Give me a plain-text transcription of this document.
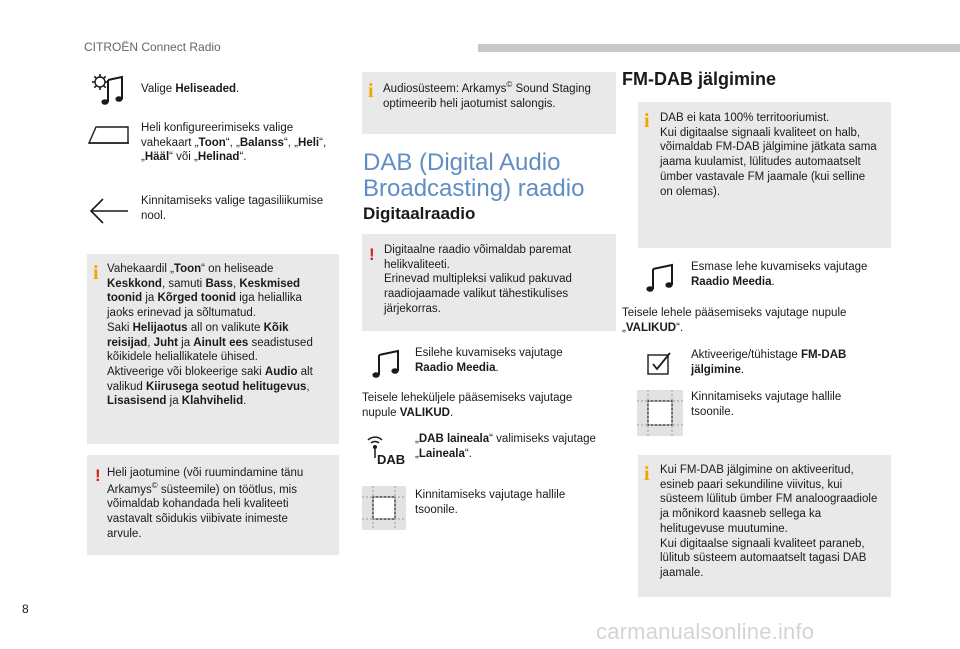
CITROËN Connect Radio
Valige Heliseaded.
Heli konfigureerimiseks valige
vahekaart „Toon“, „Balanss“, „Heli“,
„Hääl“ või „Helinad“.
Kinnitamiseks valige tagasiliikumise nool.
i Vahekaardil „Toon“ on heliseade
Keskkond, samuti Bass, Keskmised
toonid ja Kõrged toonid iga heliallika
jaoks erinevad ja sõltumatud.
Saki Helijaotus all on valikute Kõik
reisijad, Juht ja Ainult ees seadistused
kõikidele heliallikatele ühised.
Aktiveerige või blokeerige saki Audio alt
valikud Kiirusega seotud helitugevus,
Lisasisend ja Klahvihelid.
! Heli jaotumine (või ruumindamine tänu
Arkamys© süsteemile) on töötlus, mis
võimaldab kohandada heli kvaliteeti
vastavalt sõidukis viibivate inimeste
arvule.
i Audiosüsteem: Arkamys© Sound Staging
optimeerib heli jaotumist salongis.
DAB (Digital Audio
Broadcasting) raadio
Digitaalraadio
! Digitaalne raadio võimaldab paremat
helikvaliteeti.
Erinevad multipleksi valikud pakuvad
raadiojaamade valikut tähestikulises
järjekorras.
Esilehe kuvamiseks vajutage
Raadio Meedia.
Teisele leheküljele pääsemiseks vajutage
nupule VALIKUD.
DAB
„DAB laineala“ valimiseks vajutage
„Laineala“.
Kinnitamiseks vajutage hallile tsoonile.
FM-DAB jälgimine
i DAB ei kata 100% territooriumist.
Kui digitaalse signaali kvaliteet on halb,
võimaldab FM-DAB jälgimine jätkata sama
jaama kuulamist, lülitudes automaatselt
ümber vastavale FM jaamale (kui selline
on olemas).
Esmase lehe kuvamiseks vajutage
Raadio Meedia.
Teisele lehele pääsemiseks vajutage nupule
„VALIKUD“.
Aktiveerige/tühistage FM-DAB
jälgimine.
Kinnitamiseks vajutage hallile tsoonile.
i Kui FM-DAB jälgimine on aktiveeritud,
esineb paari sekundiline viivitus, kui
süsteem lülitub ümber FM analoograadiole
ja mõnikord kaasneb sellega ka
helitugevuse muutumine.
Kui digitaalse signaali kvaliteet paraneb,
lülitub süsteem automaatselt tagasi DAB
jaamale.
8
carmanualsonline.info
